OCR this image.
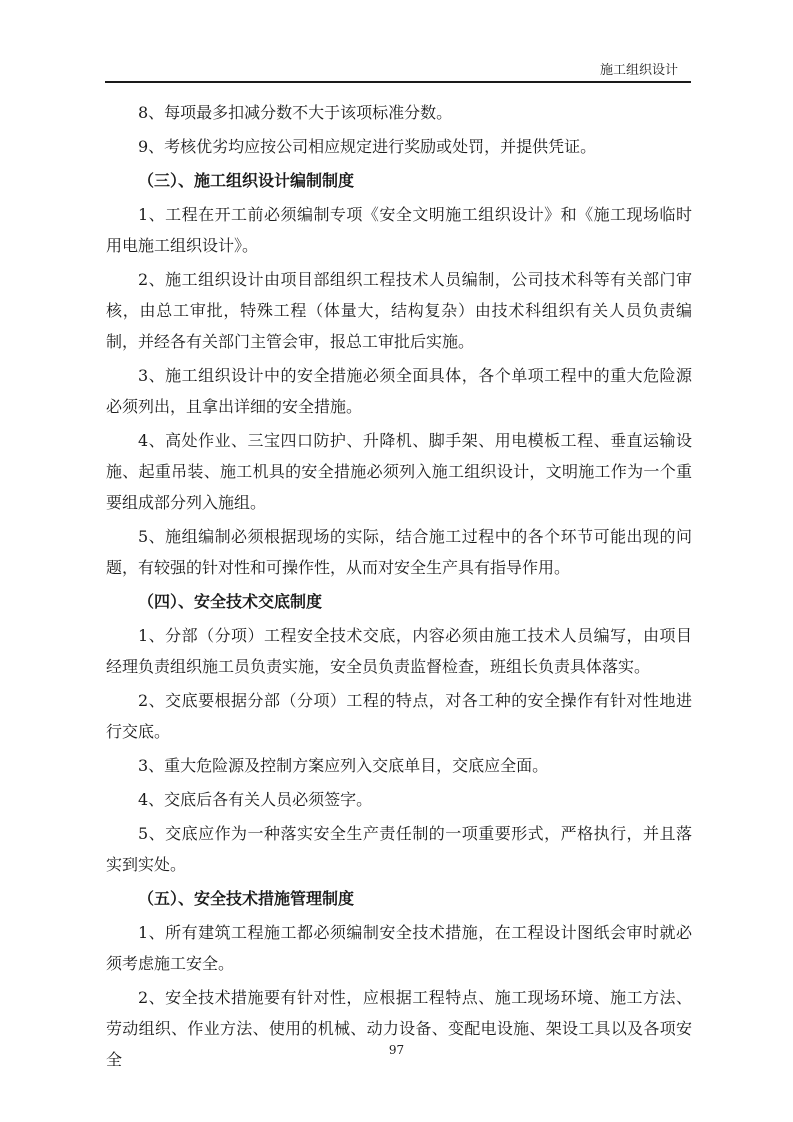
施工组织设计

8、每项最多扣减分数不大于该项标准分数。

9、考核优劣均应按公司相应规定进行奖励或处罚，并提供凭证。

（三）、施工组织设计编制制度

1、工程在开工前必须编制专项《安全文明施工组织设计》和《施工现场临时用电施工组织设计》。

2、施工组织设计由项目部组织工程技术人员编制，公司技术科等有关部门审核，由总工审批，特殊工程（体量大，结构复杂）由技术科组织有关人员负责编制，并经各有关部门主管会审，报总工审批后实施。

3、施工组织设计中的安全措施必须全面具体，各个单项工程中的重大危险源必须列出，且拿出详细的安全措施。

4、高处作业、三宝四口防护、升降机、脚手架、用电模板工程、垂直运输设施、起重吊装、施工机具的安全措施必须列入施工组织设计，文明施工作为一个重要组成部分列入施组。

5、施组编制必须根据现场的实际，结合施工过程中的各个环节可能出现的问题，有较强的针对性和可操作性，从而对安全生产具有指导作用。

（四）、安全技术交底制度

1、分部（分项）工程安全技术交底，内容必须由施工技术人员编写，由项目经理负责组织施工员负责实施，安全员负责监督检查，班组长负责具体落实。

2、交底要根据分部（分项）工程的特点，对各工种的安全操作有针对性地进行交底。

3、重大危险源及控制方案应列入交底单目，交底应全面。

4、交底后各有关人员必须签字。

5、交底应作为一种落实安全生产责任制的一项重要形式，严格执行，并且落实到实处。

（五）、安全技术措施管理制度

1、所有建筑工程施工都必须编制安全技术措施，在工程设计图纸会审时就必须考虑施工安全。

2、安全技术措施要有针对性，应根据工程特点、施工现场环境、施工方法、劳动组织、作业方法、使用的机械、动力设备、变配电设施、架设工具以及各项安全	97
